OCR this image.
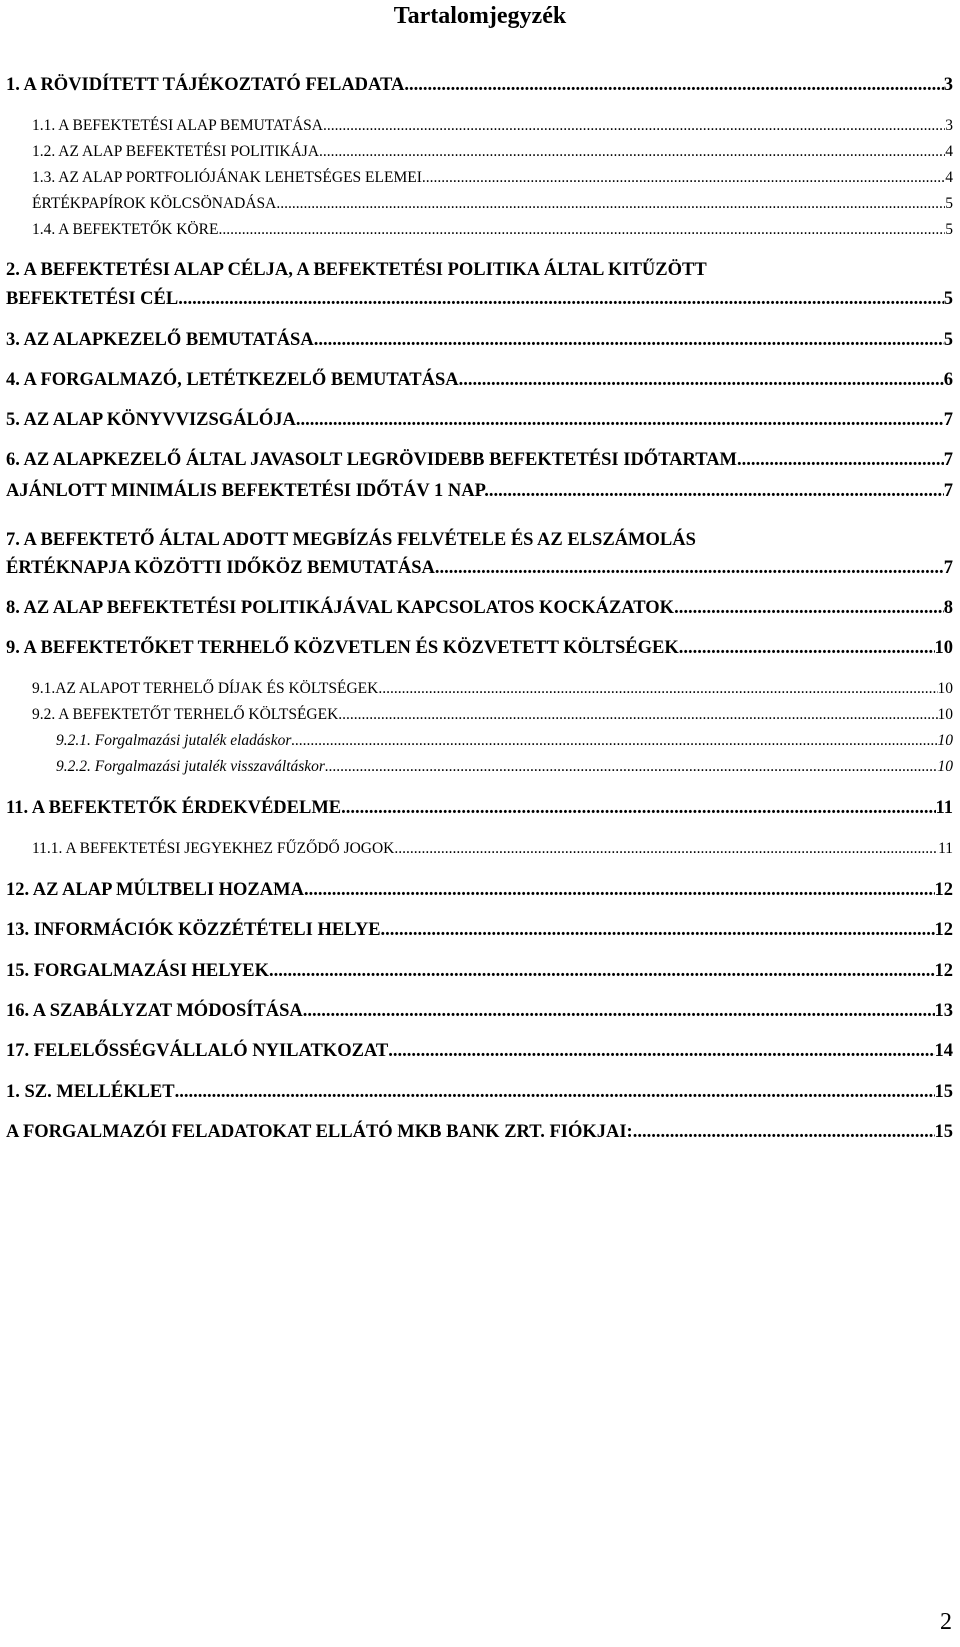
Tartalomjegyzék
1. A RÖVIDÍTETT TÁJÉKOZTATÓ FELADATA .....	3
1.1. A BEFEKTETÉSI ALAP BEMUTATÁSA .....	3
1.2. AZ ALAP BEFEKTETÉSI POLITIKÁJA .....	4
1.3. AZ ALAP PORTFOLIÓJÁNAK LEHETSÉGES ELEMEI .....	4
ÉRTÉKPAPÍROK KÖLCSÖNADÁSA .....	5
1.4. A BEFEKTETŐK KÖRE .....	5
2. A BEFEKTETÉSI ALAP CÉLJA, A BEFEKTETÉSI POLITIKA ÁLTAL KITŰZÖTT
BEFEKTETÉSI CÉL .....	5
3. AZ ALAPKEZELŐ BEMUTATÁSA .....	5
4. A FORGALMAZÓ, LETÉTKEZELŐ BEMUTATÁSA .....	6
5. AZ ALAP KÖNYVVIZSGÁLÓJA .....	7
6. AZ ALAPKEZELŐ ÁLTAL JAVASOLT LEGRÖVIDEBB BEFEKTETÉSI IDŐTARTAM .....	7
AJÁNLOTT MINIMÁLIS BEFEKTETÉSI IDŐTÁV 1 NAP. .....	7
7. A BEFEKTETŐ ÁLTAL ADOTT MEGBÍZÁS FELVÉTELE ÉS AZ ELSZÁMOLÁS
ÉRTÉKNAPJA KÖZÖTTI IDŐKÖZ BEMUTATÁSA .....	7
8. AZ ALAP BEFEKTETÉSI POLITIKÁJÁVAL KAPCSOLATOS KOCKÁZATOK .....	8
9. A BEFEKTETŐKET TERHELŐ KÖZVETLEN ÉS KÖZVETETT KÖLTSÉGEK .....	10
9.1.AZ ALAPOT TERHELŐ DÍJAK ÉS KÖLTSÉGEK .....	10
9.2. A BEFEKTETŐT TERHELŐ KÖLTSÉGEK .....	10
9.2.1. Forgalmazási jutalék eladáskor .....	10
9.2.2. Forgalmazási jutalék visszaváltáskor .....	10
11. A BEFEKTETŐK ÉRDEKVÉDELME .....	11
11.1. A BEFEKTETÉSI JEGYEKHEZ FŰZŐDŐ JOGOK .....	11
12. AZ ALAP MÚLTBELI HOZAMA .....	12
13. INFORMÁCIÓK KÖZZÉTÉTELI HELYE .....	12
15. FORGALMAZÁSI HELYEK .....	12
16. A SZABÁLYZAT MÓDOSÍTÁSA .....	13
17. FELELŐSSÉGVÁLLALÓ NYILATKOZAT .....	14
1. SZ. MELLÉKLET .....	15
A FORGALMAZÓI FELADATOKAT ELLÁTÓ MKB BANK ZRT. FIÓKJAI: .....	15
2
